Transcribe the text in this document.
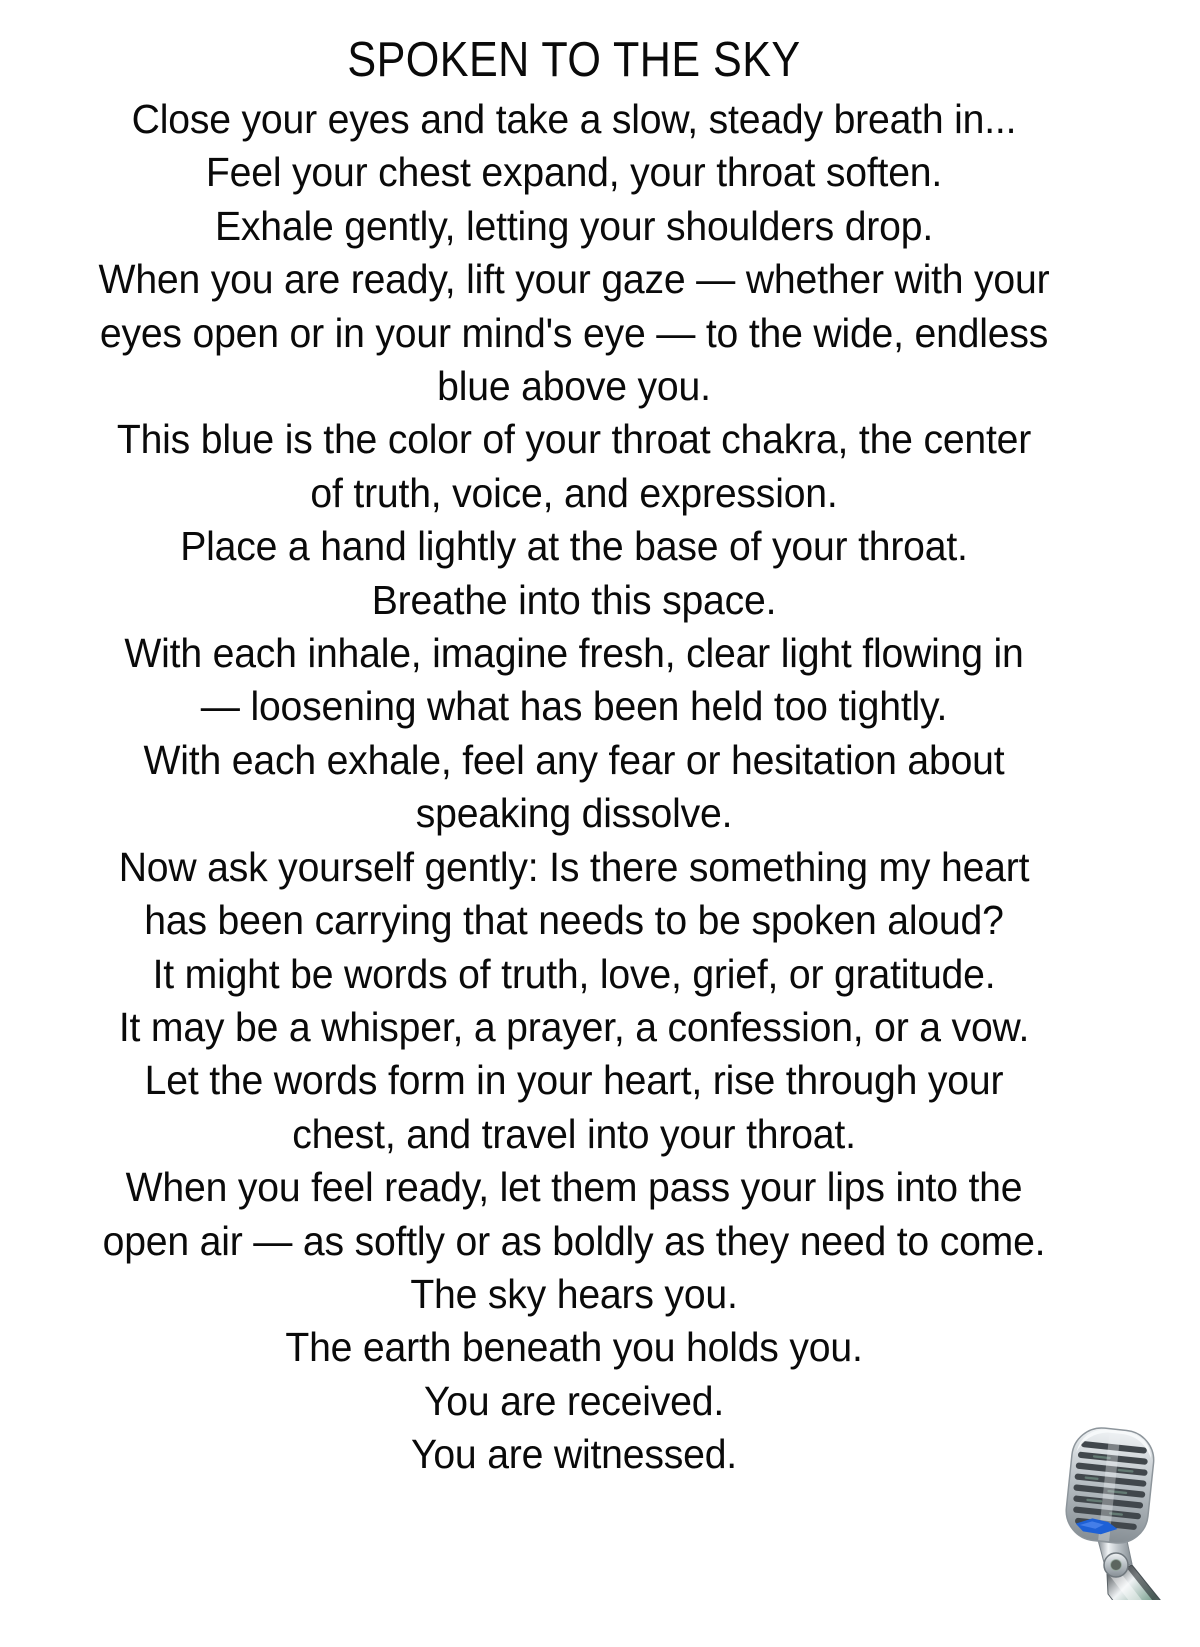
SPOKEN TO THE SKY
Close your eyes and take a slow, steady breath in...
Feel your chest expand, your throat soften.
Exhale gently, letting your shoulders drop.
When you are ready, lift your gaze — whether with your
eyes open or in your mind's eye — to the wide, endless
blue above you.
This blue is the color of your throat chakra, the center
of truth, voice, and expression.
Place a hand lightly at the base of your throat.
Breathe into this space.
With each inhale, imagine fresh, clear light flowing in
— loosening what has been held too tightly.
With each exhale, feel any fear or hesitation about
speaking dissolve.
Now ask yourself gently: Is there something my heart
has been carrying that needs to be spoken aloud?
It might be words of truth, love, grief, or gratitude.
It may be a whisper, a prayer, a confession, or a vow.
Let the words form in your heart, rise through your
chest, and travel into your throat.
When you feel ready, let them pass your lips into the
open air — as softly or as boldly as they need to come.
The sky hears you.
The earth beneath you holds you.
You are received.
You are witnessed.
